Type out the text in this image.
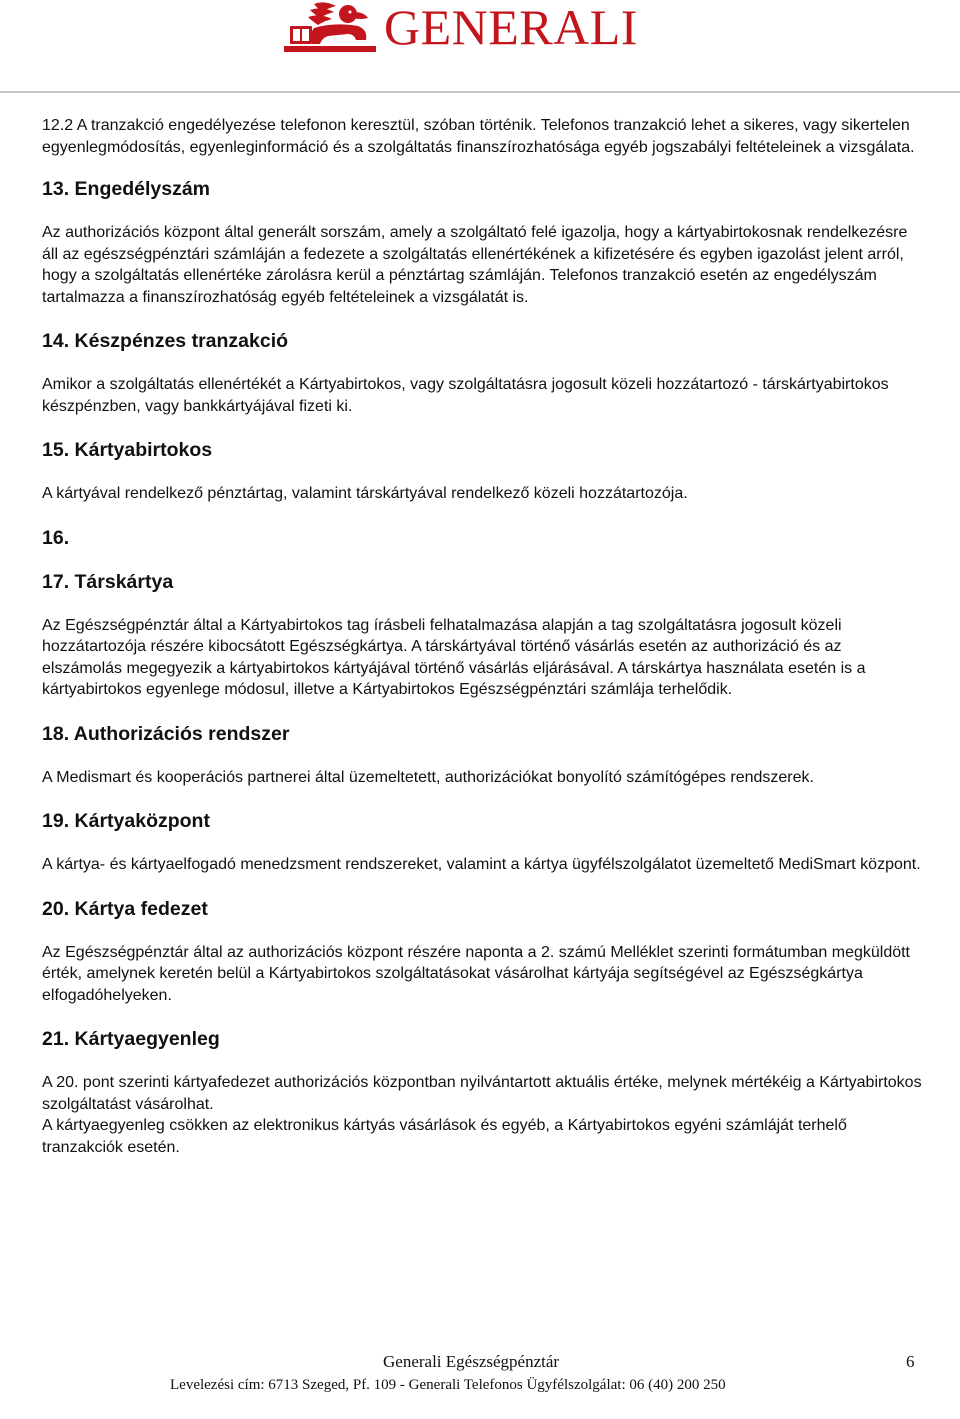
GENERALI

12.2 A tranzakció engedélyezése telefonon keresztül, szóban történik. Telefonos tranzakció lehet a sikeres, vagy sikertelen egyenlegmódosítás, egyenleginformáció és a szolgáltatás finanszírozhatósága egyéb jogszabályi feltételeinek a vizsgálata.

13. Engedélyszám

Az authorizációs központ által generált sorszám, amely a szolgáltató felé igazolja, hogy a kártyabirtokosnak rendelkezésre áll az egészségpénztári számláján a fedezete a szolgáltatás ellenértékének a kifizetésére és egyben igazolást jelent arról, hogy a szolgáltatás ellenértéke zárolásra kerül a pénztártag számláján. Telefonos tranzakció esetén az engedélyszám tartalmazza a finanszírozhatóság egyéb feltételeinek a vizsgálatát is.

14. Készpénzes tranzakció

Amikor a szolgáltatás ellenértékét a Kártyabirtokos, vagy szolgáltatásra jogosult közeli hozzátartozó - társkártyabirtokos készpénzben, vagy bankkártyájával fizeti ki.

15. Kártyabirtokos

A kártyával rendelkező pénztártag, valamint társkártyával rendelkező közeli hozzátartozója.

16.
17. Társkártya

Az Egészségpénztár által a Kártyabirtokos tag írásbeli felhatalmazása alapján a tag szolgáltatásra jogosult közeli hozzátartozója részére kibocsátott Egészségkártya. A társkártyával történő vásárlás esetén az authorizáció és az elszámolás megegyezik a kártyabirtokos kártyájával történő vásárlás eljárásával. A társkártya használata esetén is a kártyabirtokos egyenlege módosul, illetve a Kártyabirtokos Egészségpénztári számlája terhelődik.

18. Authorizációs rendszer

A Medismart és kooperációs partnerei által üzemeltetett, authorizációkat bonyolító számítógépes rendszerek.

19. Kártyaközpont

A kártya- és kártyaelfogadó menedzsment rendszereket, valamint a kártya ügyfélszolgálatot üzemeltető MediSmart központ.

20. Kártya fedezet

Az Egészségpénztár által az authorizációs központ részére naponta a 2. számú Melléklet szerinti formátumban megküldött érték, amelynek keretén belül a Kártyabirtokos szolgáltatásokat vásárolhat kártyája segítségével az Egészségkártya elfogadóhelyeken.

21. Kártyaegyenleg

A 20. pont szerinti kártyafedezet authorizációs központban nyilvántartott aktuális értéke, melynek mértékéig a Kártyabirtokos szolgáltatást vásárolhat.

A kártyaegyenleg csökken az elektronikus kártyás vásárlások és egyéb, a Kártyabirtokos egyéni számláját terhelő tranzakciók esetén.

Generali Egészségpénztár	6
Levelezési cím: 6713 Szeged, Pf. 109 - Generali Telefonos Ügyfélszolgálat: 06 (40) 200 250
